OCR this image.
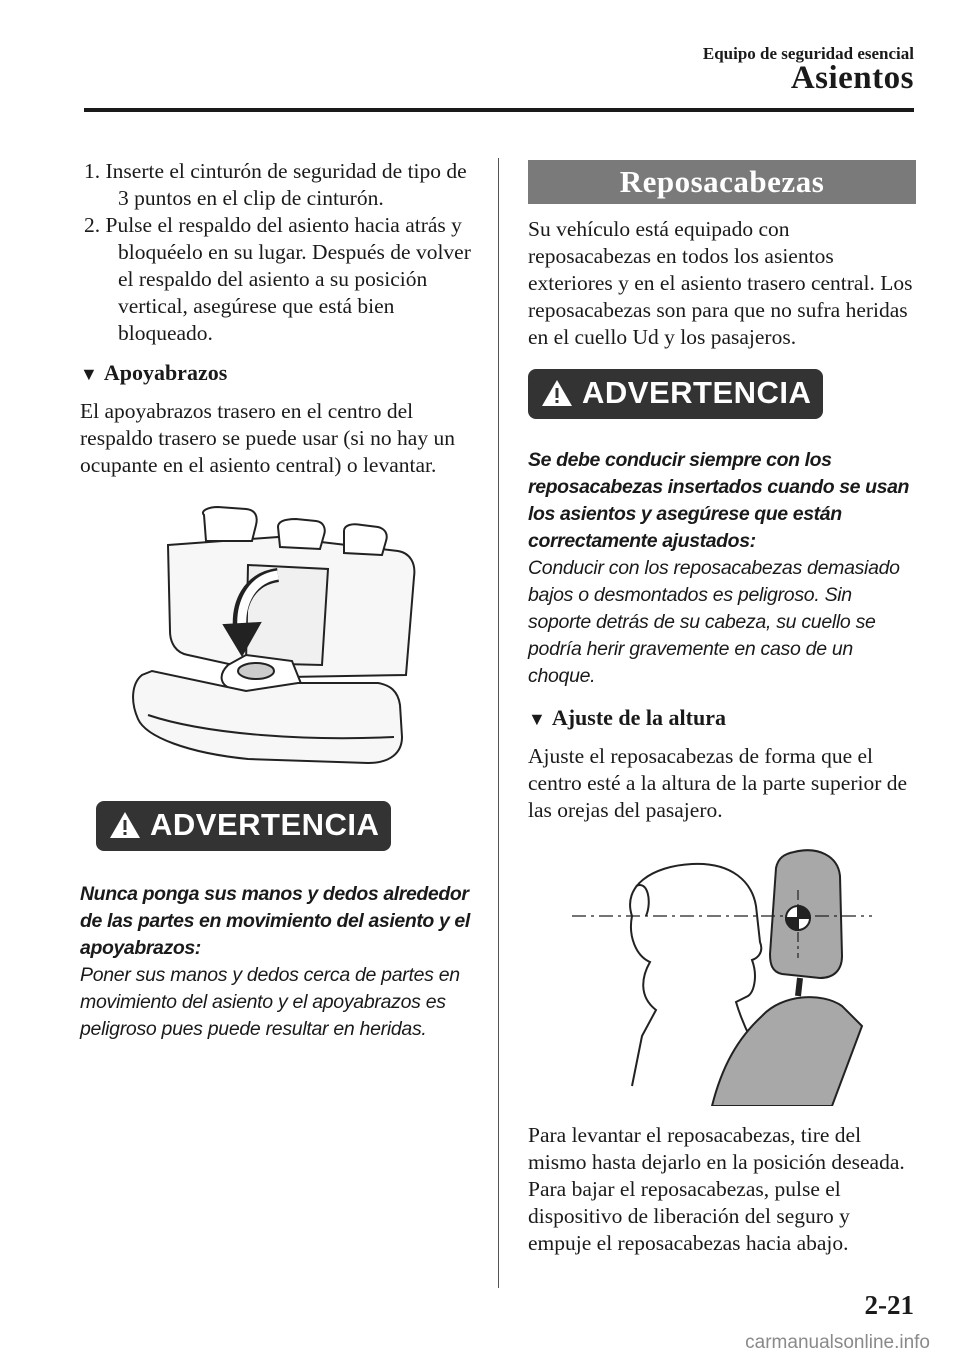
Equipo de seguridad esencial
Asientos
1. Inserte el cinturón de seguridad de tipo de 3 puntos en el clip de cinturón.
2. Pulse el respaldo del asiento hacia atrás y bloquéelo en su lugar. Después de volver el respaldo del asiento a su posición vertical, asegúrese que está bien bloqueado.
▼ Apoyabrazos

El apoyabrazos trasero en el centro del respaldo trasero se puede usar (si no hay un ocupante en el asiento central) o levantar.

ADVERTENCIA

Nunca ponga sus manos y dedos alrededor de las partes en movimiento del asiento y el apoyabrazos:

Poner sus manos y dedos cerca de partes en movimiento del asiento y el apoyabrazos es peligroso pues puede resultar en heridas.

Reposacabezas

Su vehículo está equipado con reposacabezas en todos los asientos exteriores y en el asiento trasero central. Los reposacabezas son para que no sufra heridas en el cuello Ud y los pasajeros.

ADVERTENCIA

Se debe conducir siempre con los reposacabezas insertados cuando se usan los asientos y asegúrese que están correctamente ajustados:

Conducir con los reposacabezas demasiado bajos o desmontados es peligroso. Sin soporte detrás de su cabeza, su cuello se podría herir gravemente en caso de un choque.

▼ Ajuste de la altura

Ajuste el reposacabezas de forma que el centro esté a la altura de la parte superior de las orejas del pasajero.

Para levantar el reposacabezas, tire del mismo hasta dejarlo en la posición deseada.

Para bajar el reposacabezas, pulse el dispositivo de liberación del seguro y empuje el reposacabezas hacia abajo.

2-21
carmanualsonline.info
